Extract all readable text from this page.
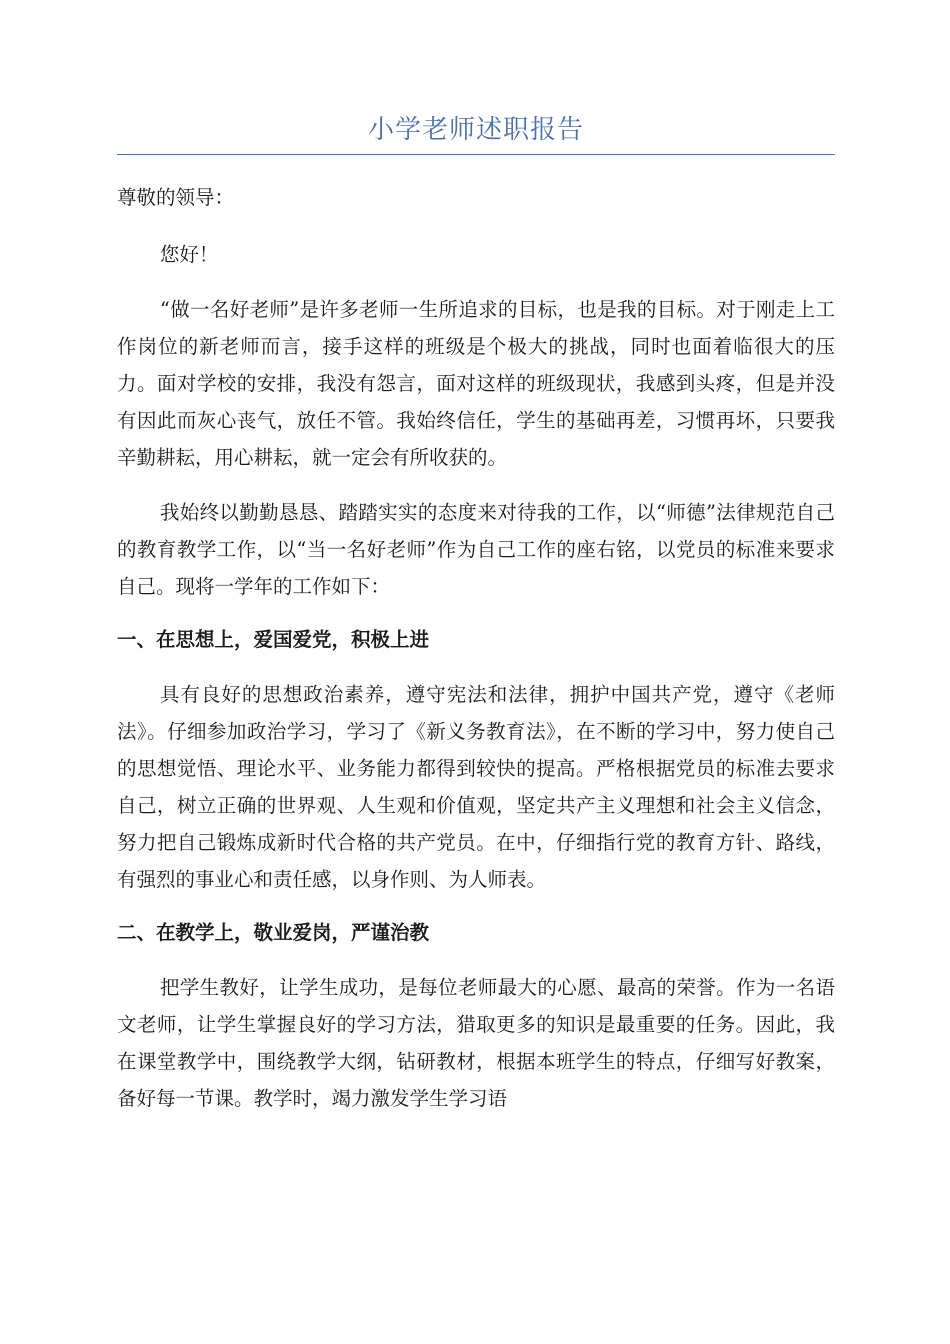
小学老师述职报告

尊敬的领导：

您好！

“做一名好老师”是许多老师一生所追求的目标，也是我的目标。对于刚走上工作岗位的新老师而言，接手这样的班级是个极大的挑战，同时也面着临很大的压力。面对学校的安排，我没有怨言，面对这样的班级现状，我感到头疼，但是并没有因此而灰心丧气，放任不管。我始终信任，学生的基础再差，习惯再坏，只要我辛勤耕耘，用心耕耘，就一定会有所收获的。

我始终以勤勤恳恳、踏踏实实的态度来对待我的工作，以“师德”法律规范自己的教育教学工作，以“当一名好老师”作为自己工作的座右铭，以党员的标准来要求自己。现将一学年的工作如下：

一、在思想上，爱国爱党，积极上进

具有良好的思想政治素养，遵守宪法和法律，拥护中国共产党，遵守《老师法》。仔细参加政治学习，学习了《新义务教育法》，在不断的学习中，努力使自己的思想觉悟、理论水平、业务能力都得到较快的提高。严格根据党员的标准去要求自己，树立正确的世界观、人生观和价值观，坚定共产主义理想和社会主义信念，努力把自己锻炼成新时代合格的共产党员。在中，仔细指行党的教育方针、路线，有强烈的事业心和责任感，以身作则、为人师表。

二、在教学上，敬业爱岗，严谨治教

把学生教好，让学生成功，是每位老师最大的心愿、最高的荣誉。作为一名语文老师，让学生掌握良好的学习方法，猎取更多的知识是最重要的任务。因此，我在课堂教学中，围绕教学大纲，钻研教材，根据本班学生的特点，仔细写好教案，备好每一节课。教学时，竭力激发学生学习语
